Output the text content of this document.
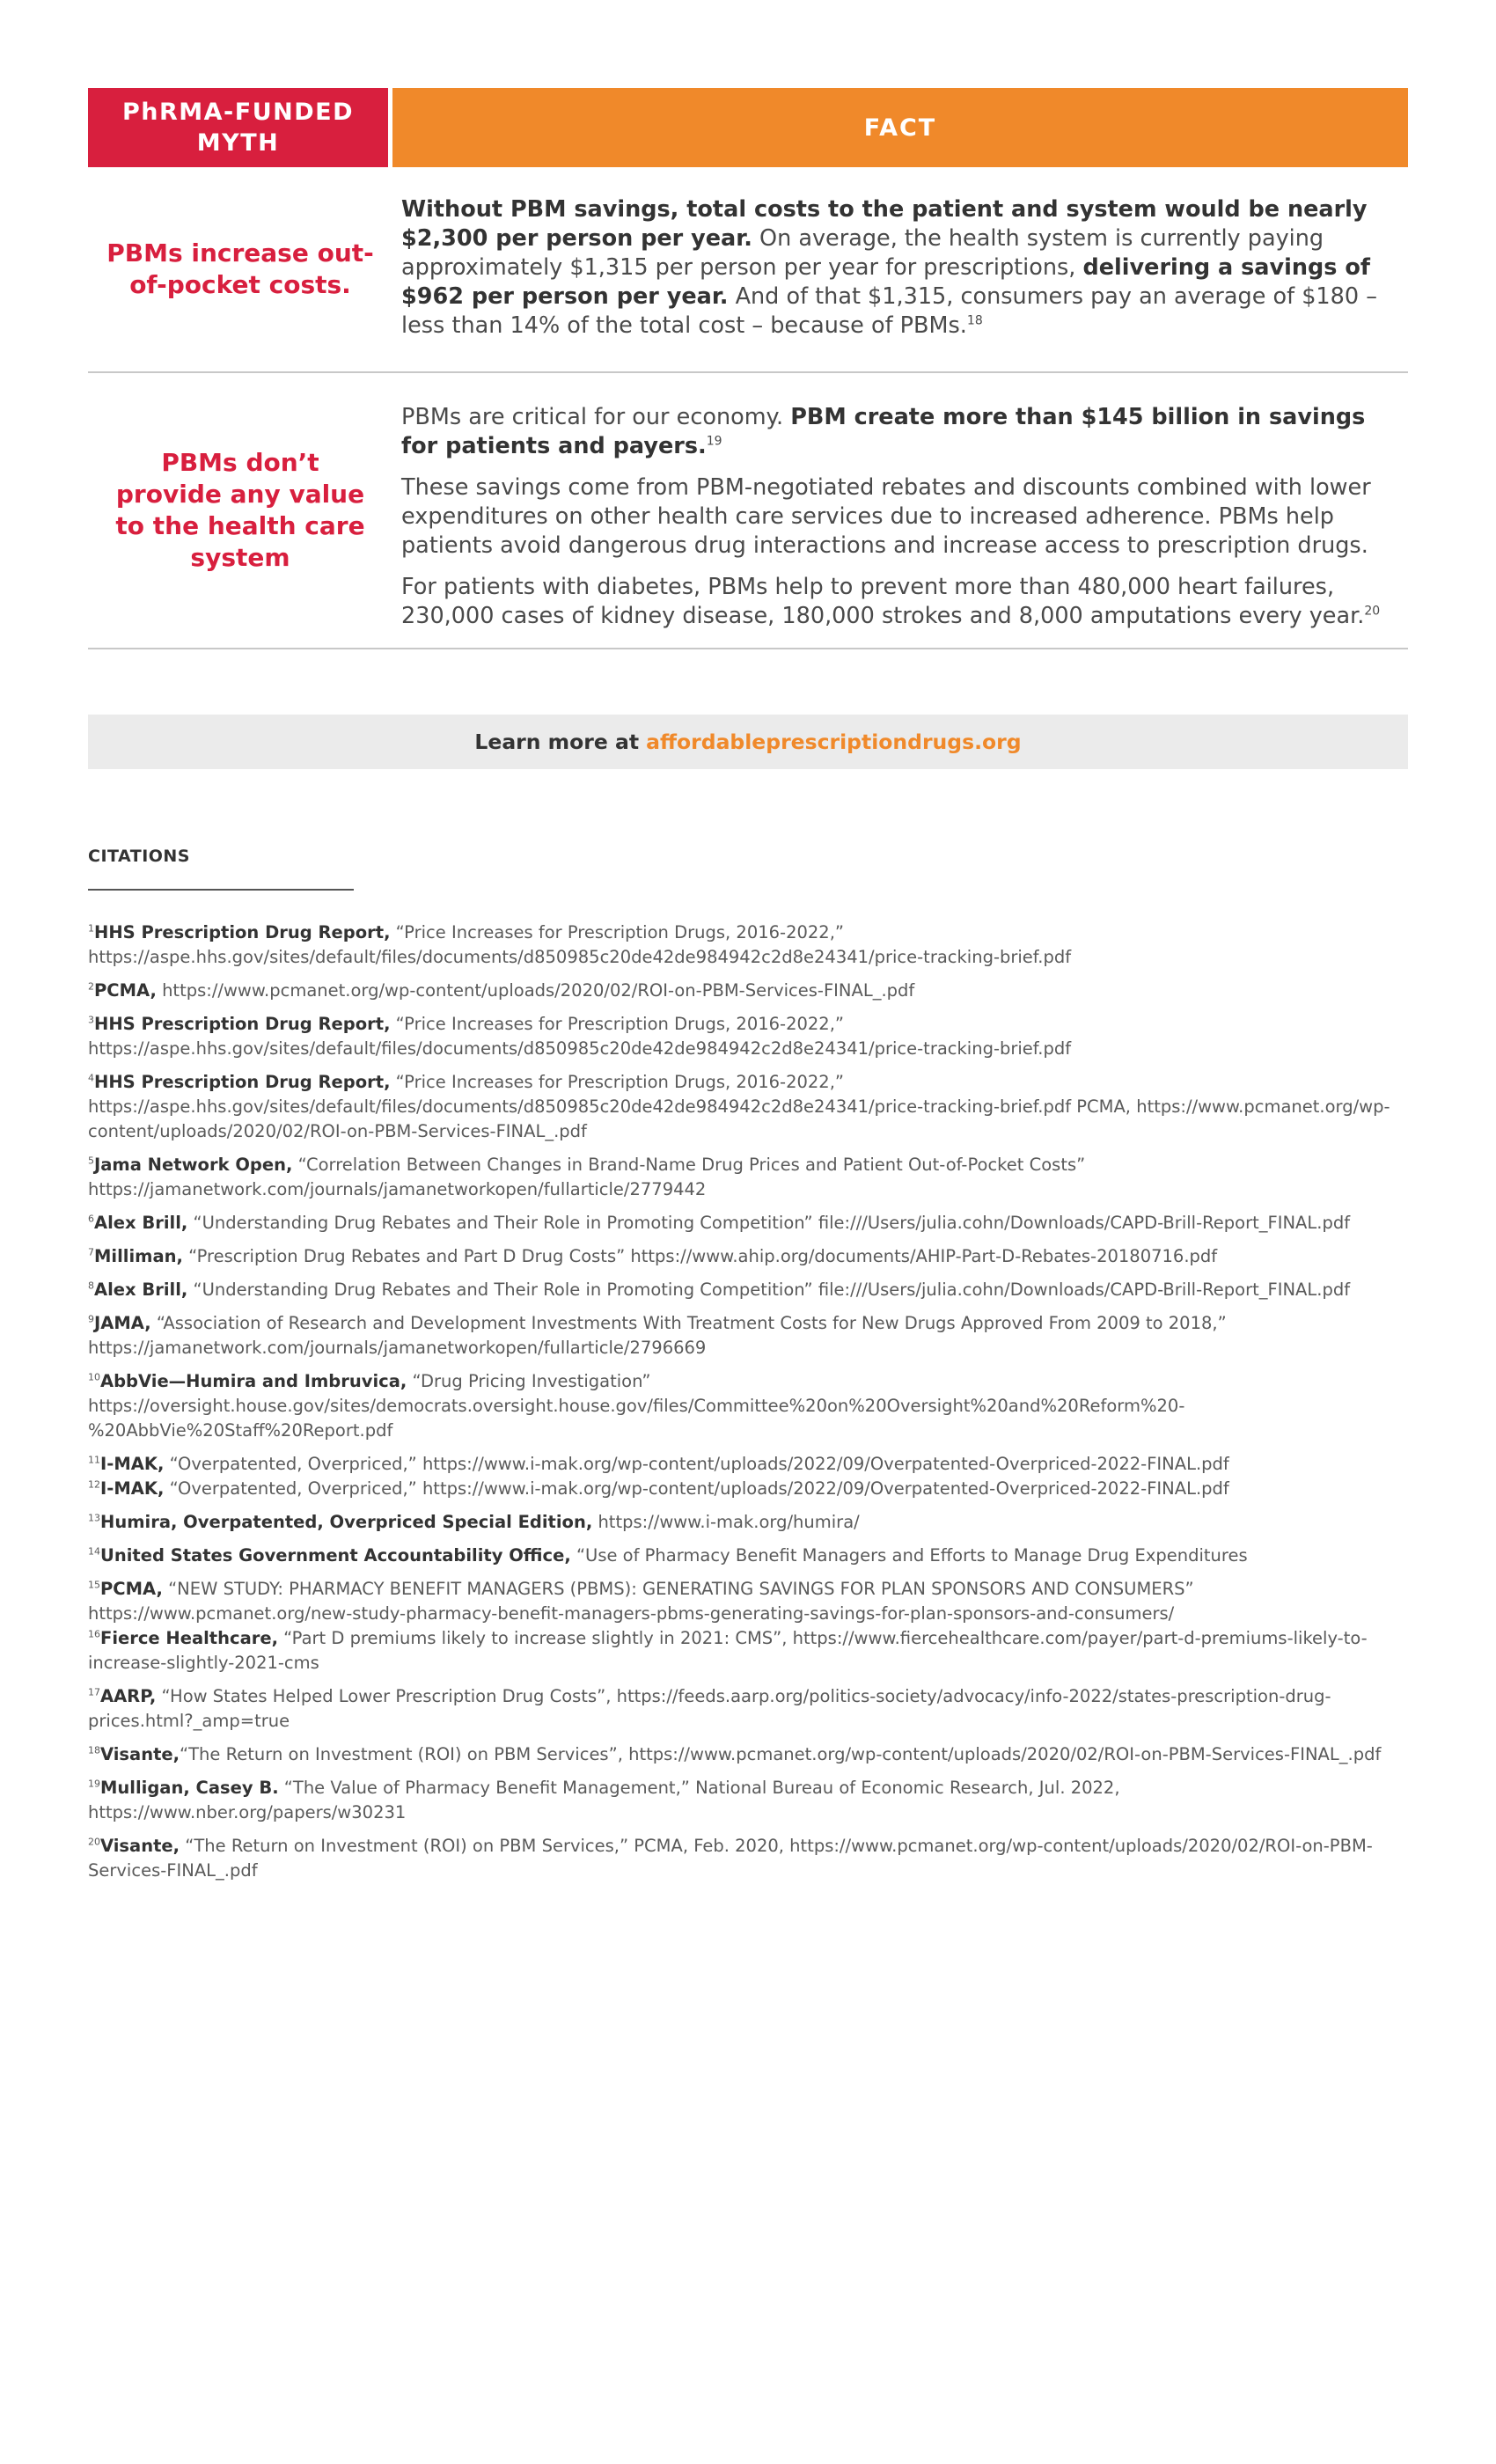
PhRMA-FUNDED MYTH
FACT
PBMs increase out-of-pocket costs.

Without PBM savings, total costs to the patient and system would be nearly $2,300 per person per year. On average, the health system is currently paying approximately $1,315 per person per year for prescriptions, delivering a savings of $962 per person per year. And of that $1,315, consumers pay an average of $180 – less than 14% of the total cost – because of PBMs.$^{18}$

PBMs don’t provide any value to the health care system

PBMs are critical for our economy. PBM create more than $145 billion in savings for patients and payers.$^{19}$

These savings come from PBM-negotiated rebates and discounts combined with lower expenditures on other health care services due to increased adherence. PBMs help patients avoid dangerous drug interactions and increase access to prescription drugs.

For patients with diabetes, PBMs help to prevent more than 480,000 heart failures, 230,000 cases of kidney disease, 180,000 strokes and 8,000 amputations every year.$^{20}$

Learn more at affordableprescriptiondrugs.org
CITATIONS
$^1$HHS Prescription Drug Report, “Price Increases for Prescription Drugs, 2016-2022,” https://aspe.hhs.gov/sites/default/files/documents/d850985c20de42de984942c2d8e24341/price-tracking-brief.pdf
$^2$PCMA, https://www.pcmanet.org/wp-content/uploads/2020/02/ROI-on-PBM-Services-FINAL_.pdf
$^3$HHS Prescription Drug Report, “Price Increases for Prescription Drugs, 2016-2022,” https://aspe.hhs.gov/sites/default/files/documents/d850985c20de42de984942c2d8e24341/price-tracking-brief.pdf
$^4$HHS Prescription Drug Report, “Price Increases for Prescription Drugs, 2016-2022,” https://aspe.hhs.gov/sites/default/files/documents/d850985c20de42de984942c2d8e24341/price-tracking-brief.pdf PCMA, https://www.pcmanet.org/wp-content/uploads/2020/02/ROI-on-PBM-Services-FINAL_.pdf
$^5$Jama Network Open, “Correlation Between Changes in Brand-Name Drug Prices and Patient Out-of-Pocket Costs” https://jamanetwork.com/journals/jamanetworkopen/fullarticle/2779442
$^6$Alex Brill, “Understanding Drug Rebates and Their Role in Promoting Competition” file:///Users/julia.cohn/Downloads/CAPD-Brill-Report_FINAL.pdf
$^7$Milliman, “Prescription Drug Rebates and Part D Drug Costs” https://www.ahip.org/documents/AHIP-Part-D-Rebates-20180716.pdf
$^8$Alex Brill, “Understanding Drug Rebates and Their Role in Promoting Competition” file:///Users/julia.cohn/Downloads/CAPD-Brill-Report_FINAL.pdf
$^9$JAMA, “Association of Research and Development Investments With Treatment Costs for New Drugs Approved From 2009 to 2018,” https://jamanetwork.com/journals/jamanetworkopen/fullarticle/2796669
$^{10}$AbbVie—Humira and Imbruvica, “Drug Pricing Investigation” https://oversight.house.gov/sites/democrats.oversight.house.gov/files/Committee%20on%20Oversight%20and%20Reform%20-%20AbbVie%20Staff%20Report.pdf
$^{11}$I-MAK, “Overpatented, Overpriced,” https://www.i-mak.org/wp-content/uploads/2022/09/Overpatented-Overpriced-2022-FINAL.pdf
$^{12}$I-MAK, “Overpatented, Overpriced,” https://www.i-mak.org/wp-content/uploads/2022/09/Overpatented-Overpriced-2022-FINAL.pdf
$^{13}$Humira, Overpatented, Overpriced Special Edition, https://www.i-mak.org/humira/
$^{14}$United States Government Accountability Office, “Use of Pharmacy Benefit Managers and Efforts to Manage Drug Expenditures
$^{15}$PCMA, “NEW STUDY: PHARMACY BENEFIT MANAGERS (PBMS): GENERATING SAVINGS FOR PLAN SPONSORS AND CONSUMERS” https://www.pcmanet.org/new-study-pharmacy-benefit-managers-pbms-generating-savings-for-plan-sponsors-and-consumers/
$^{16}$Fierce Healthcare, “Part D premiums likely to increase slightly in 2021: CMS”, https://www.fiercehealthcare.com/payer/part-d-premiums-likely-to-increase-slightly-2021-cms
$^{17}$AARP, “How States Helped Lower Prescription Drug Costs”, https://feeds.aarp.org/politics-society/advocacy/info-2022/states-prescription-drug-prices.html?_amp=true
$^{18}$Visante,“The Return on Investment (ROI) on PBM Services”, https://www.pcmanet.org/wp-content/uploads/2020/02/ROI-on-PBM-Services-FINAL_.pdf
$^{19}$Mulligan, Casey B. “The Value of Pharmacy Benefit Management,” National Bureau of Economic Research, Jul. 2022, https://www.nber.org/papers/w30231
$^{20}$Visante, “The Return on Investment (ROI) on PBM Services,” PCMA, Feb. 2020, https://www.pcmanet.org/wp-content/uploads/2020/02/ROI-on-PBM-Services-FINAL_.pdf
